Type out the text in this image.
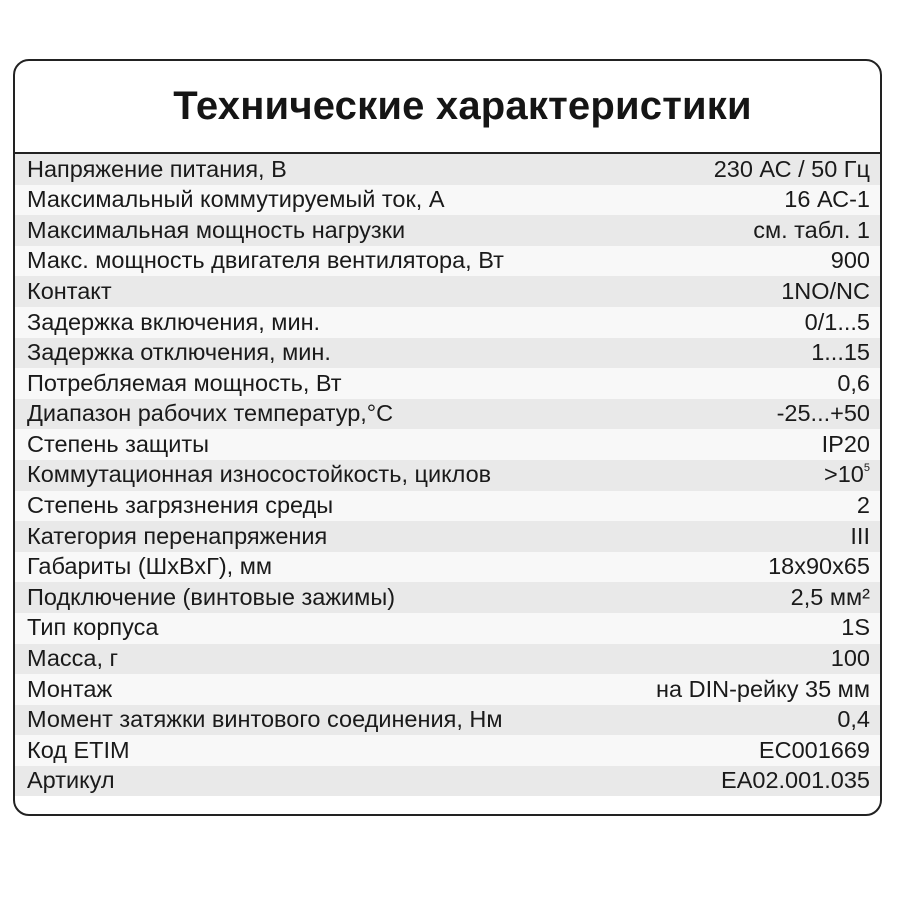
Технические характеристики
Напряжение питания, В	230 АС / 50 Гц
Максимальный коммутируемый ток, А	16 АС-1
Максимальная мощность нагрузки	см. табл. 1
Макс. мощность двигателя вентилятора, Вт	900
Контакт	1NO/NC
Задержка включения, мин.	0/1...5
Задержка отключения, мин.	1...15
Потребляемая мощность, Вт	0,6
Диапазон рабочих температур,°С	-25...+50
Степень защиты	IP20
Коммутационная износостойкость, циклов	$>10^5$
Степень загрязнения среды	2
Категория перенапряжения	III
Габариты (ШхВхГ), мм	18x90x65
Подключение (винтовые зажимы)	2,5 мм²
Тип корпуса	1S
Масса, г	100
Монтаж	на DIN-рейку 35 мм
Момент затяжки винтового соединения, Нм	0,4
Код ETIM	EC001669
Артикул	EA02.001.035
